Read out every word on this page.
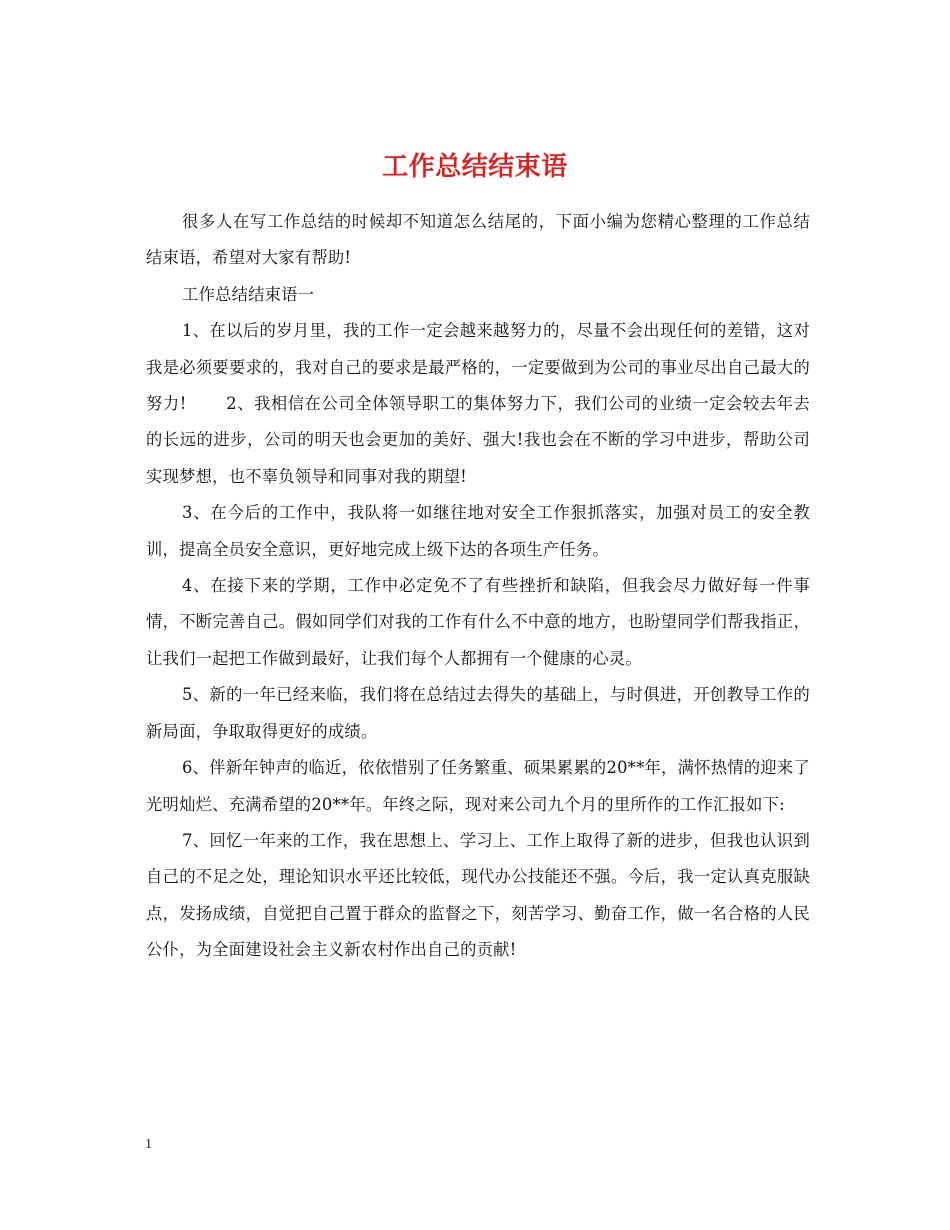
工作总结结束语

很多人在写工作总结的时候却不知道怎么结尾的，下面小编为您精心整理的工作总结结束语，希望对大家有帮助!

工作总结结束语一

1、在以后的岁月里，我的工作一定会越来越努力的，尽量不会出现任何的差错，这对我是必须要要求的，我对自己的要求是最严格的，一定要做到为公司的事业尽出自己最大的努力!　　 2、我相信在公司全体领导职工的集体努力下，我们公司的业绩一定会较去年去的长远的进步，公司的明天也会更加的美好、强大!我也会在不断的学习中进步，帮助公司实现梦想，也不辜负领导和同事对我的期望!

3、在今后的工作中，我队将一如继往地对安全工作狠抓落实，加强对员工的安全教训，提高全员安全意识，更好地完成上级下达的各项生产任务。

4、在接下来的学期，工作中必定免不了有些挫折和缺陷，但我会尽力做好每一件事情，不断完善自己。假如同学们对我的工作有什么不中意的地方，也盼望同学们帮我指正，让我们一起把工作做到最好，让我们每个人都拥有一个健康的心灵。

5、新的一年已经来临，我们将在总结过去得失的基础上，与时俱进，开创教导工作的新局面，争取取得更好的成绩。

6、伴新年钟声的临近，依依惜别了任务繁重、硕果累累的20**年，满怀热情的迎来了光明灿烂、充满希望的20**年。年终之际，现对来公司九个月的里所作的工作汇报如下:

7、回忆一年来的工作，我在思想上、学习上、工作上取得了新的进步，但我也认识到自己的不足之处，理论知识水平还比较低，现代办公技能还不强。今后，我一定认真克服缺点，发扬成绩，自觉把自己置于群众的监督之下，刻苦学习、勤奋工作，做一名合格的人民公仆，为全面建设社会主义新农村作出自己的贡献!

1
